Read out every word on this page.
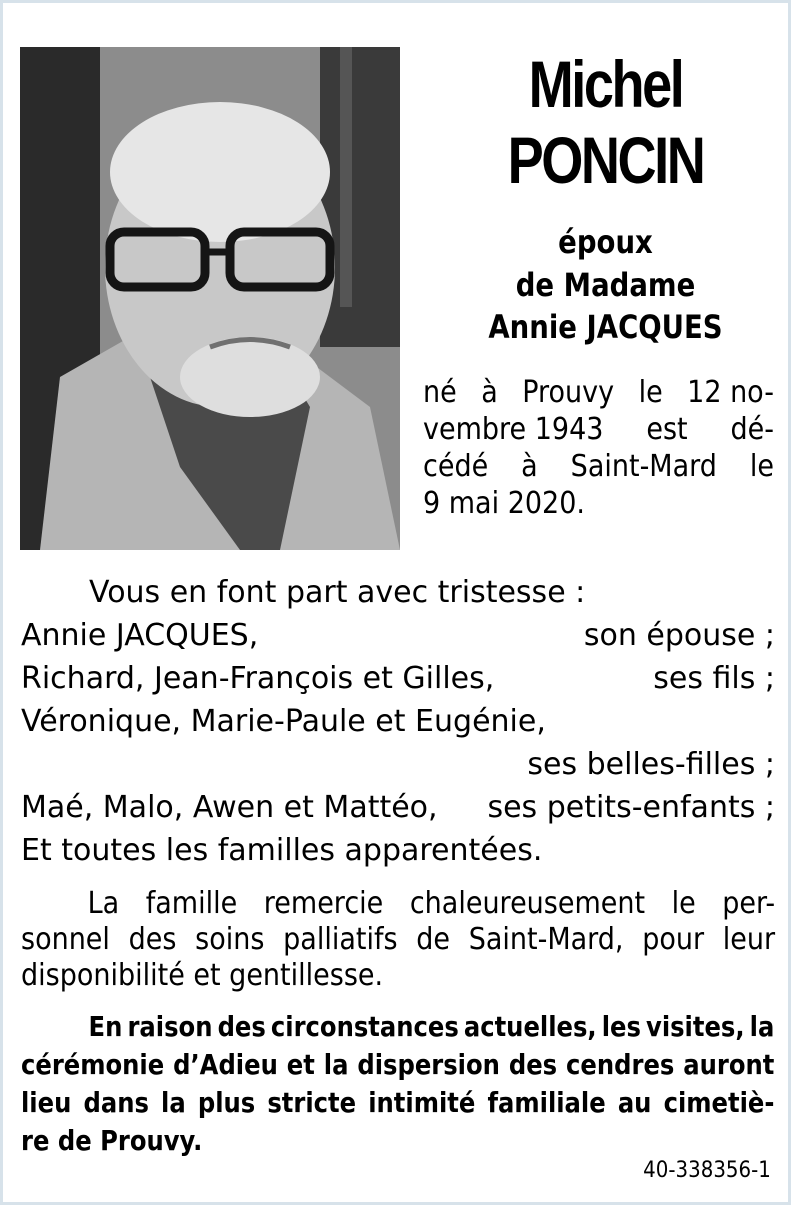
Michel
PONCIN
époux
de Madame
Annie JACQUES
né à Prouvy le 12 no-
vembre 1943 est dé-
cédé à Saint-Mard le
9 mai 2020.
Vous en font part avec tristesse :
Annie JACQUES,	son épouse ;
Richard, Jean-François et Gilles,	ses fils ;
Véronique, Marie-Paule et Eugénie,
ses belles-filles ;
Maé, Malo, Awen et Mattéo, ses petits-enfants ;
Et toutes les familles apparentées.
La famille remercie chaleureusement le per-
sonnel des soins palliatifs de Saint-Mard, pour leur
disponibilité et gentillesse.
En raison des circonstances actuelles, les visites, la
cérémonie d’Adieu et la dispersion des cendres auront
lieu dans la plus stricte intimité familiale au cimetiè-
re de Prouvy.
40-338356-1
